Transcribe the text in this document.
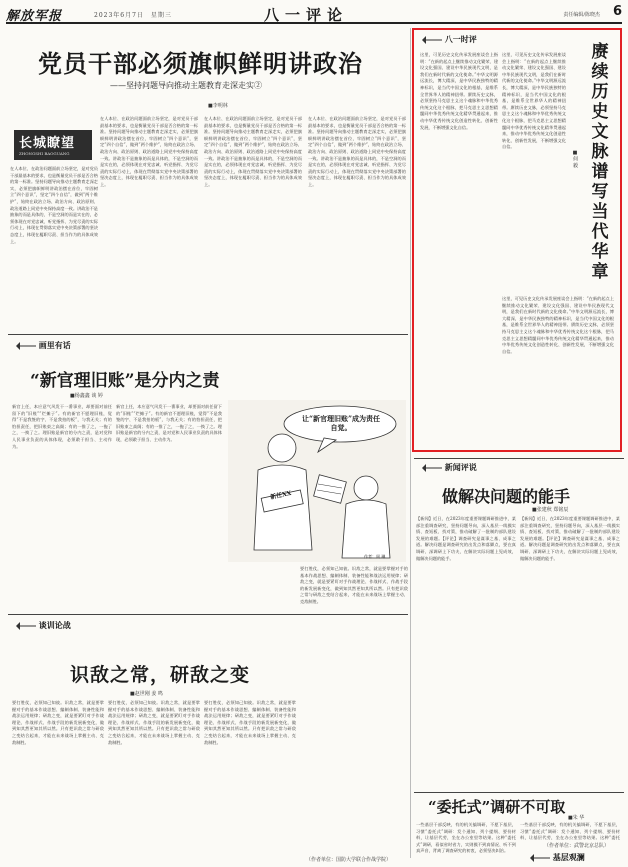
解放军报	2023年6月7日　 星期三	八一评论	责任编辑/陈晓杰 6
党员干部必须旗帜鲜明讲政治
——坚持问题导向推动主题教育走深走实②
■李明林
长城瞭望
ZHONGSHI BAOGUANG
在人本位、在政治问题面前立场坚定，是对党员干部最基本的要求，也是衡量党员干部是否合格的第一标准。坚持问题导向推动主题教育走深走实，必须把旗帜鲜明讲政治摆在首位，牢固树立“四个意识”，坚定“四个自信”，做到“两个维护”，始终在政治立场、政治方向、政治原则、政治道路上同党中央保持高度一致。讲政治不是抽象的而是具体的，不是空洞的而是实在的，必须体现在对党忠诚、听党指挥、为党尽责的实际行动上，体现在贯彻落实党中央决策部署的坚决态度上，体现在履职尽责、担当作为的具体成效上。
在人本位、在政治问题面前立场坚定，是对党员干部最基本的要求，也是衡量党员干部是否合格的第一标准。坚持问题导向推动主题教育走深走实，必须把旗帜鲜明讲政治摆在首位，牢固树立“四个意识”，坚定“四个自信”，做到“两个维护”，始终在政治立场、政治方向、政治原则、政治道路上同党中央保持高度一致。讲政治不是抽象的而是具体的，不是空洞的而是实在的，必须体现在对党忠诚、听党指挥、为党尽责的实际行动上，体现在贯彻落实党中央决策部署的坚决态度上，体现在履职尽责、担当作为的具体成效上。
在人本位、在政治问题面前立场坚定，是对党员干部最基本的要求，也是衡量党员干部是否合格的第一标准。坚持问题导向推动主题教育走深走实，必须把旗帜鲜明讲政治摆在首位，牢固树立“四个意识”，坚定“四个自信”，做到“两个维护”，始终在政治立场、政治方向、政治原则、政治道路上同党中央保持高度一致。讲政治不是抽象的而是具体的，不是空洞的而是实在的，必须体现在对党忠诚、听党指挥、为党尽责的实际行动上，体现在贯彻落实党中央决策部署的坚决态度上，体现在履职尽责、担当作为的具体成效上。
在人本位、在政治问题面前立场坚定，是对党员干部最基本的要求，也是衡量党员干部是否合格的第一标准。坚持问题导向推动主题教育走深走实，必须把旗帜鲜明讲政治摆在首位，牢固树立“四个意识”，坚定“四个自信”，做到“两个维护”，始终在政治立场、政治方向、政治原则、政治道路上同党中央保持高度一致。讲政治不是抽象的而是具体的，不是空洞的而是实在的，必须体现在对党忠诚、听党指挥、为党尽责的实际行动上，体现在贯彻落实党中央决策部署的坚决态度上，体现在履职尽责、担当作为的具体成效上。
八一时评
赓续历史文脉 谱写当代华章
■何 毅
这里，可见历史文化传承发展座谈会上指明：“在新的起点上继续推动文化繁荣、建设文化强国、建设中华民族现代文明，是我们在新时代新的文化使命。”中华文明源远流长，博大精深，是中华民族独特的精神标识，是当代中国文化的根基，是维系全世界华人的精神纽带。赓续历史文脉，必须坚持马克思主义这个魂脉和中华优秀传统文化这个根脉，把马克思主义思想精髓同中华优秀传统文化精华贯通起来，推动中华优秀传统文化创造性转化、创新性发展，不断增强文化自信。
这里，可见历史文化传承发展座谈会上指明：“在新的起点上继续推动文化繁荣、建设文化强国、建设中华民族现代文明，是我们在新时代新的文化使命。”中华文明源远流长，博大精深，是中华民族独特的精神标识，是当代中国文化的根基，是维系全世界华人的精神纽带。赓续历史文脉，必须坚持马克思主义这个魂脉和中华优秀传统文化这个根脉，把马克思主义思想精髓同中华优秀传统文化精华贯通起来，推动中华优秀传统文化创造性转化、创新性发展，不断增强文化自信。
这里，可见历史文化传承发展座谈会上指明：“在新的起点上继续推动文化繁荣、建设文化强国、建设中华民族现代文明，是我们在新时代新的文化使命。”中华文明源远流长，博大精深，是中华民族独特的精神标识，是当代中国文化的根基，是维系全世界华人的精神纽带。赓续历史文脉，必须坚持马克思主义这个魂脉和中华优秀传统文化这个根脉，把马克思主义思想精髓同中华优秀传统文化精华贯通起来，推动中华优秀传统文化创造性转化、创新性发展，不断增强文化自信。
画里有话
“新官理旧账”是分内之责
■杨鑫鑫 谈 婷
新官上任，本应意气风发干一番事业，却要面对前任留下的“旧账”“烂摊子”。有的新官不愿理旧账，觉得“不是我签的字、不是我拍的板”，与我无关；有的怕担责任，把旧账束之高阁；有的一推了之，一拖了之，一换了之。理旧账是新官的分内之责，是对党和人民事业负责的具体体现，必须敢于担当、主动作为。
新官上任，本应意气风发干一番事业，却要面对前任留下的“旧账”“烂摊子”。有的新官不愿理旧账，觉得“不是我签的字、不是我拍的板”，与我无关；有的怕担责任，把旧账束之高阁；有的一推了之，一拖了之，一换了之。理旧账是新官的分内之责，是对党和人民事业负责的具体体现，必须敢于担当、主动作为。
让“新官理旧账”成为责任自觉。
新任XX
作者：周 琳
新闻评说
做解决问题的能手
■张建秋 郑铭辰
【新闻】近日，在2023年度重要课题调研推进中，某部注重调查研究，坚持问题导向，深入基层一线摸实情、查短板、找对策，推动破解了一批制约部队建设发展的难题。【评论】调查研究是谋事之基、成事之道。解决问题是调查研究的出发点和落脚点，要在真调研、深调研上下功夫，在解决实际问题上见成效，做解决问题的能手。
【新闻】近日，在2023年度重要课题调研推进中，某部注重调查研究，坚持问题导向，深入基层一线摸实情、查短板、找对策，推动破解了一批制约部队建设发展的难题。【评论】调查研究是谋事之基、成事之道。解决问题是调查研究的出发点和落脚点，要在真调研、深调研上下功夫，在解决实际问题上见成效，做解决问题的能手。
谈训论战
识敌之常，研敌之变
■赵世刚 姜 鸣
要打胜仗，必须知己知彼。识敌之常，就是要掌握对手的基本作战思想、编制体制、装备性能和战法运用规律；研敌之变，就是要紧盯对手作战理论、作战样式、作战手段的新发展新变化，做到知其然更知其所以然。只有把识敌之常与研敌之变结合起来，才能在未来战场上掌握主动、克敌制胜。
要打胜仗，必须知己知彼。识敌之常，就是要掌握对手的基本作战思想、编制体制、装备性能和战法运用规律；研敌之变，就是要紧盯对手作战理论、作战样式、作战手段的新发展新变化，做到知其然更知其所以然。只有把识敌之常与研敌之变结合起来，才能在未来战场上掌握主动、克敌制胜。
要打胜仗，必须知己知彼。识敌之常，就是要掌握对手的基本作战思想、编制体制、装备性能和战法运用规律；研敌之变，就是要紧盯对手作战理论、作战样式、作战手段的新发展新变化，做到知其然更知其所以然。只有把识敌之常与研敌之变结合起来，才能在未来战场上掌握主动、克敌制胜。
要打胜仗，必须知己知彼。识敌之常，就是要掌握对手的基本作战思想、编制体制、装备性能和战法运用规律；研敌之变，就是要紧盯对手作战理论、作战样式、作战手段的新发展新变化，做到知其然更知其所以然。只有把识敌之常与研敌之变结合起来，才能在未来战场上掌握主动、克敌制胜。
（作者单位：国防大学联合作战学院）
“委托式”调研不可取
■朱 华
一些基层干部反映，有的机关搞调研，不愿下基层，习惯“委托式”调研：发个通知、列个提纲、要份材料，让基层代劳，坐在办公室里等结果。这种“委托式”调研，看似省时省力，实则摸不到真情况、听不到真声音，背离了调查研究的初衷，必须坚决纠治。
一些基层干部反映，有的机关搞调研，不愿下基层，习惯“委托式”调研：发个通知、列个提纲、要份材料，让基层代劳，坐在办公室里等结果。这种“委托
（作者单位：武警北京总队）
基层观澜
